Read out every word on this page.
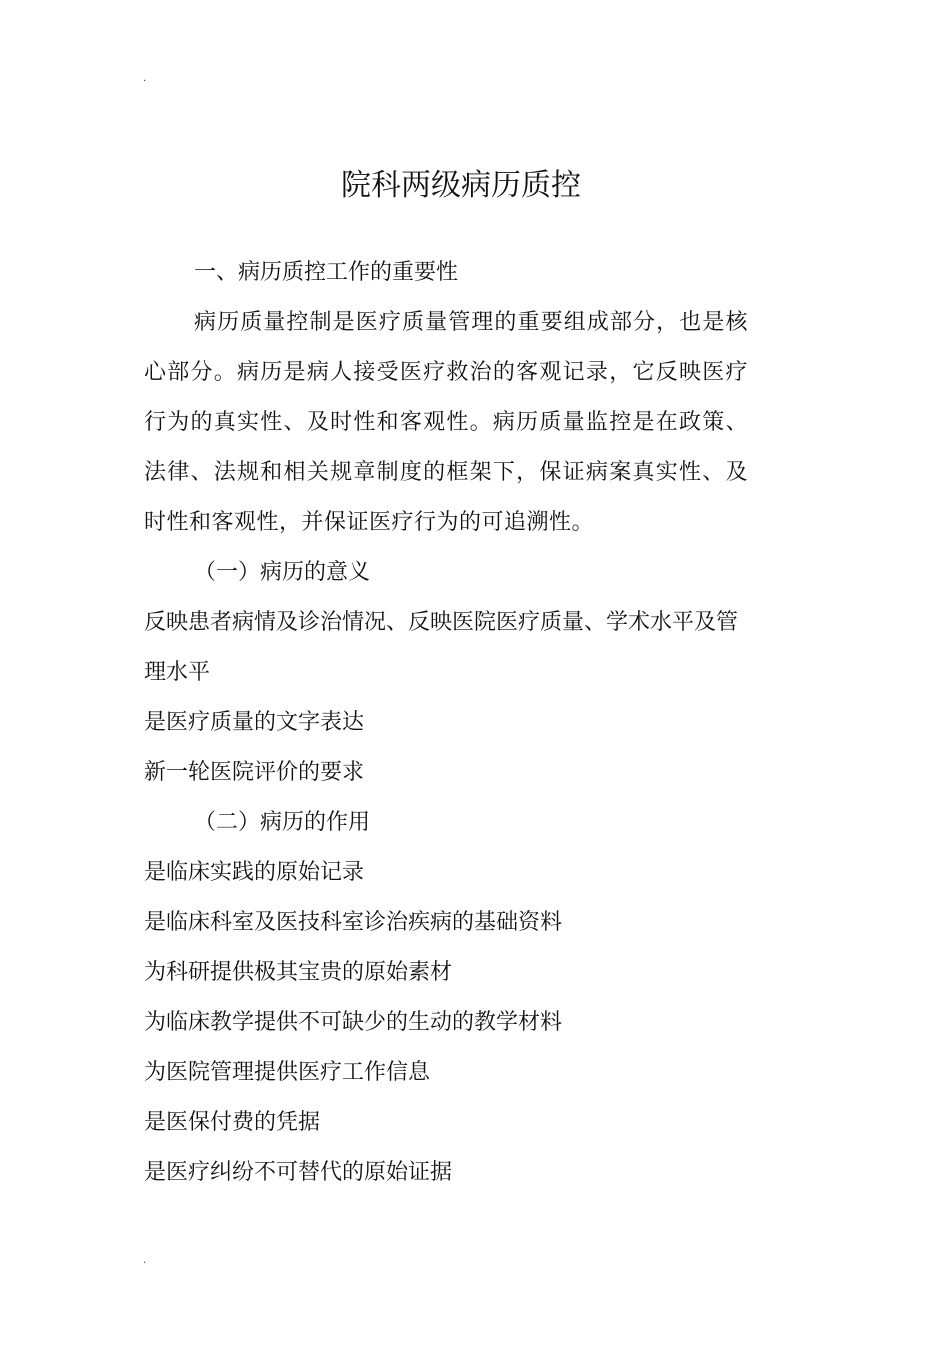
.
院科两级病历质控

一、病历质控工作的重要性

病历质量控制是医疗质量管理的重要组成部分，也是核心部分。病历是病人接受医疗救治的客观记录，它反映医疗行为的真实性、及时性和客观性。病历质量监控是在政策、法律、法规和相关规章制度的框架下，保证病案真实性、及时性和客观性，并保证医疗行为的可追溯性。

（一）病历的意义

反映患者病情及诊治情况、反映医院医疗质量、学术水平及管理水平

是医疗质量的文字表达

新一轮医院评价的要求

（二）病历的作用

是临床实践的原始记录

是临床科室及医技科室诊治疾病的基础资料

为科研提供极其宝贵的原始素材

为临床教学提供不可缺少的生动的教学材料

为医院管理提供医疗工作信息

是医保付费的凭据

是医疗纠纷不可替代的原始证据

.
